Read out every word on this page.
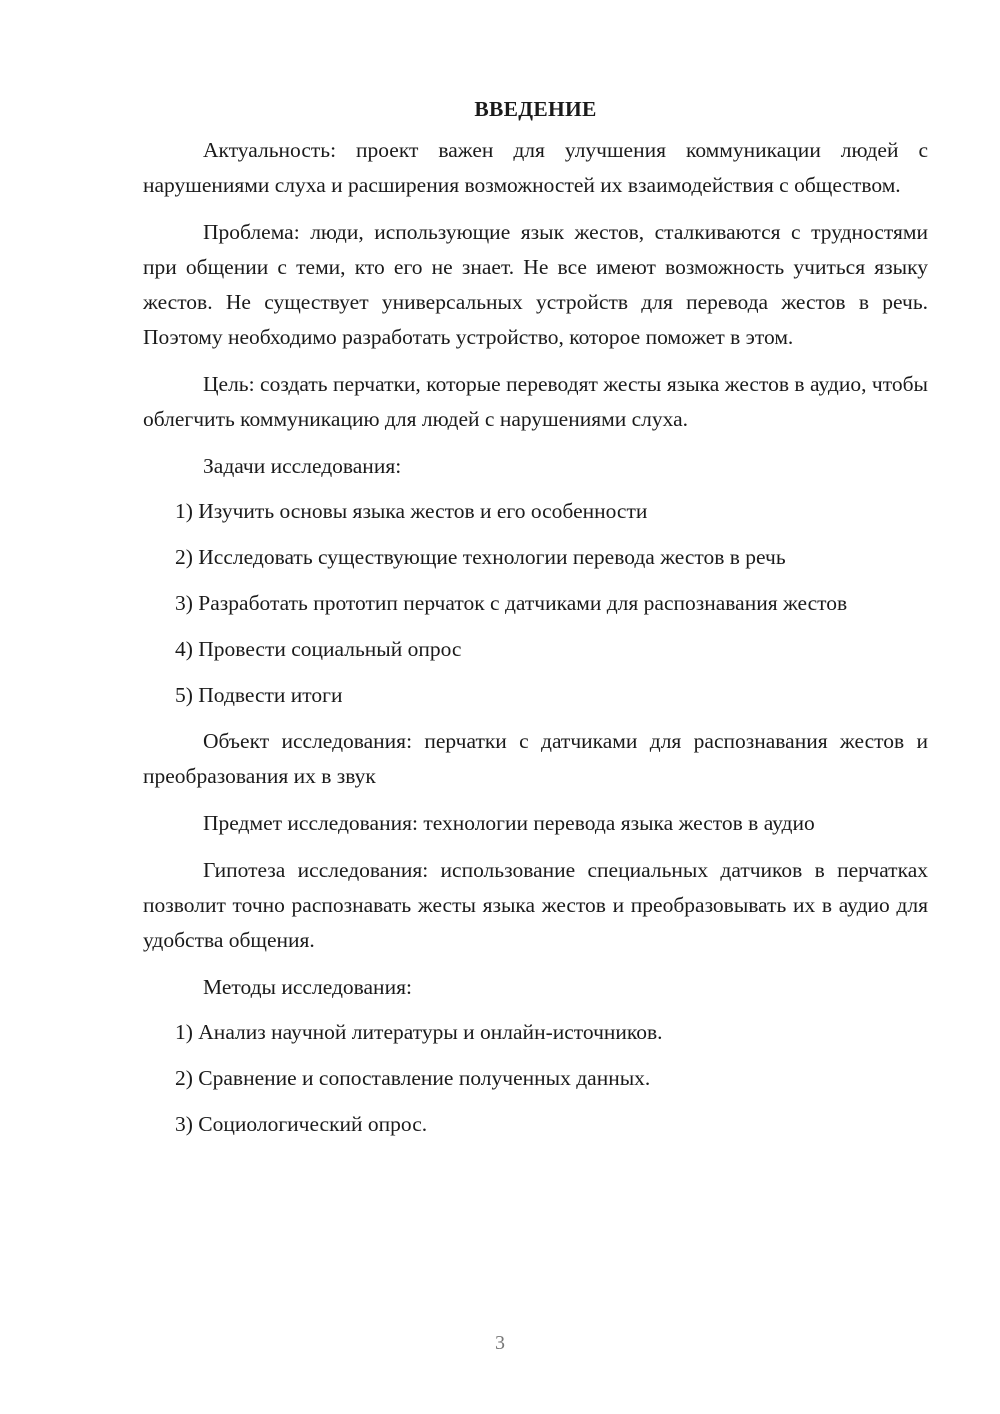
ВВЕДЕНИЕ

Актуальность: проект важен для улучшения коммуникации людей с нарушениями слуха и расширения возможностей их взаимодействия с обществом.

Проблема: люди, использующие язык жестов, сталкиваются с трудностями при общении с теми, кто его не знает. Не все имеют возможность учиться языку жестов. Не существует универсальных устройств для перевода жестов в речь. Поэтому необходимо разработать устройство, которое поможет в этом.

Цель: создать перчатки, которые переводят жесты языка жестов в аудио, чтобы облегчить коммуникацию для людей с нарушениями слуха.

Задачи исследования:

1) Изучить основы языка жестов и его особенности

2) Исследовать существующие технологии перевода жестов в речь

3) Разработать прототип перчаток с датчиками для распознавания жестов

4) Провести социальный опрос

5) Подвести итоги

Объект исследования: перчатки с датчиками для распознавания жестов и преобразования их в звук

Предмет исследования: технологии перевода языка жестов в аудио

Гипотеза исследования: использование специальных датчиков в перчатках позволит точно распознавать жесты языка жестов и преобразовывать их в аудио для удобства общения.

Методы исследования:

1) Анализ научной литературы и онлайн-источников.

2) Сравнение и сопоставление полученных данных.

3) Социологический опрос.

3
